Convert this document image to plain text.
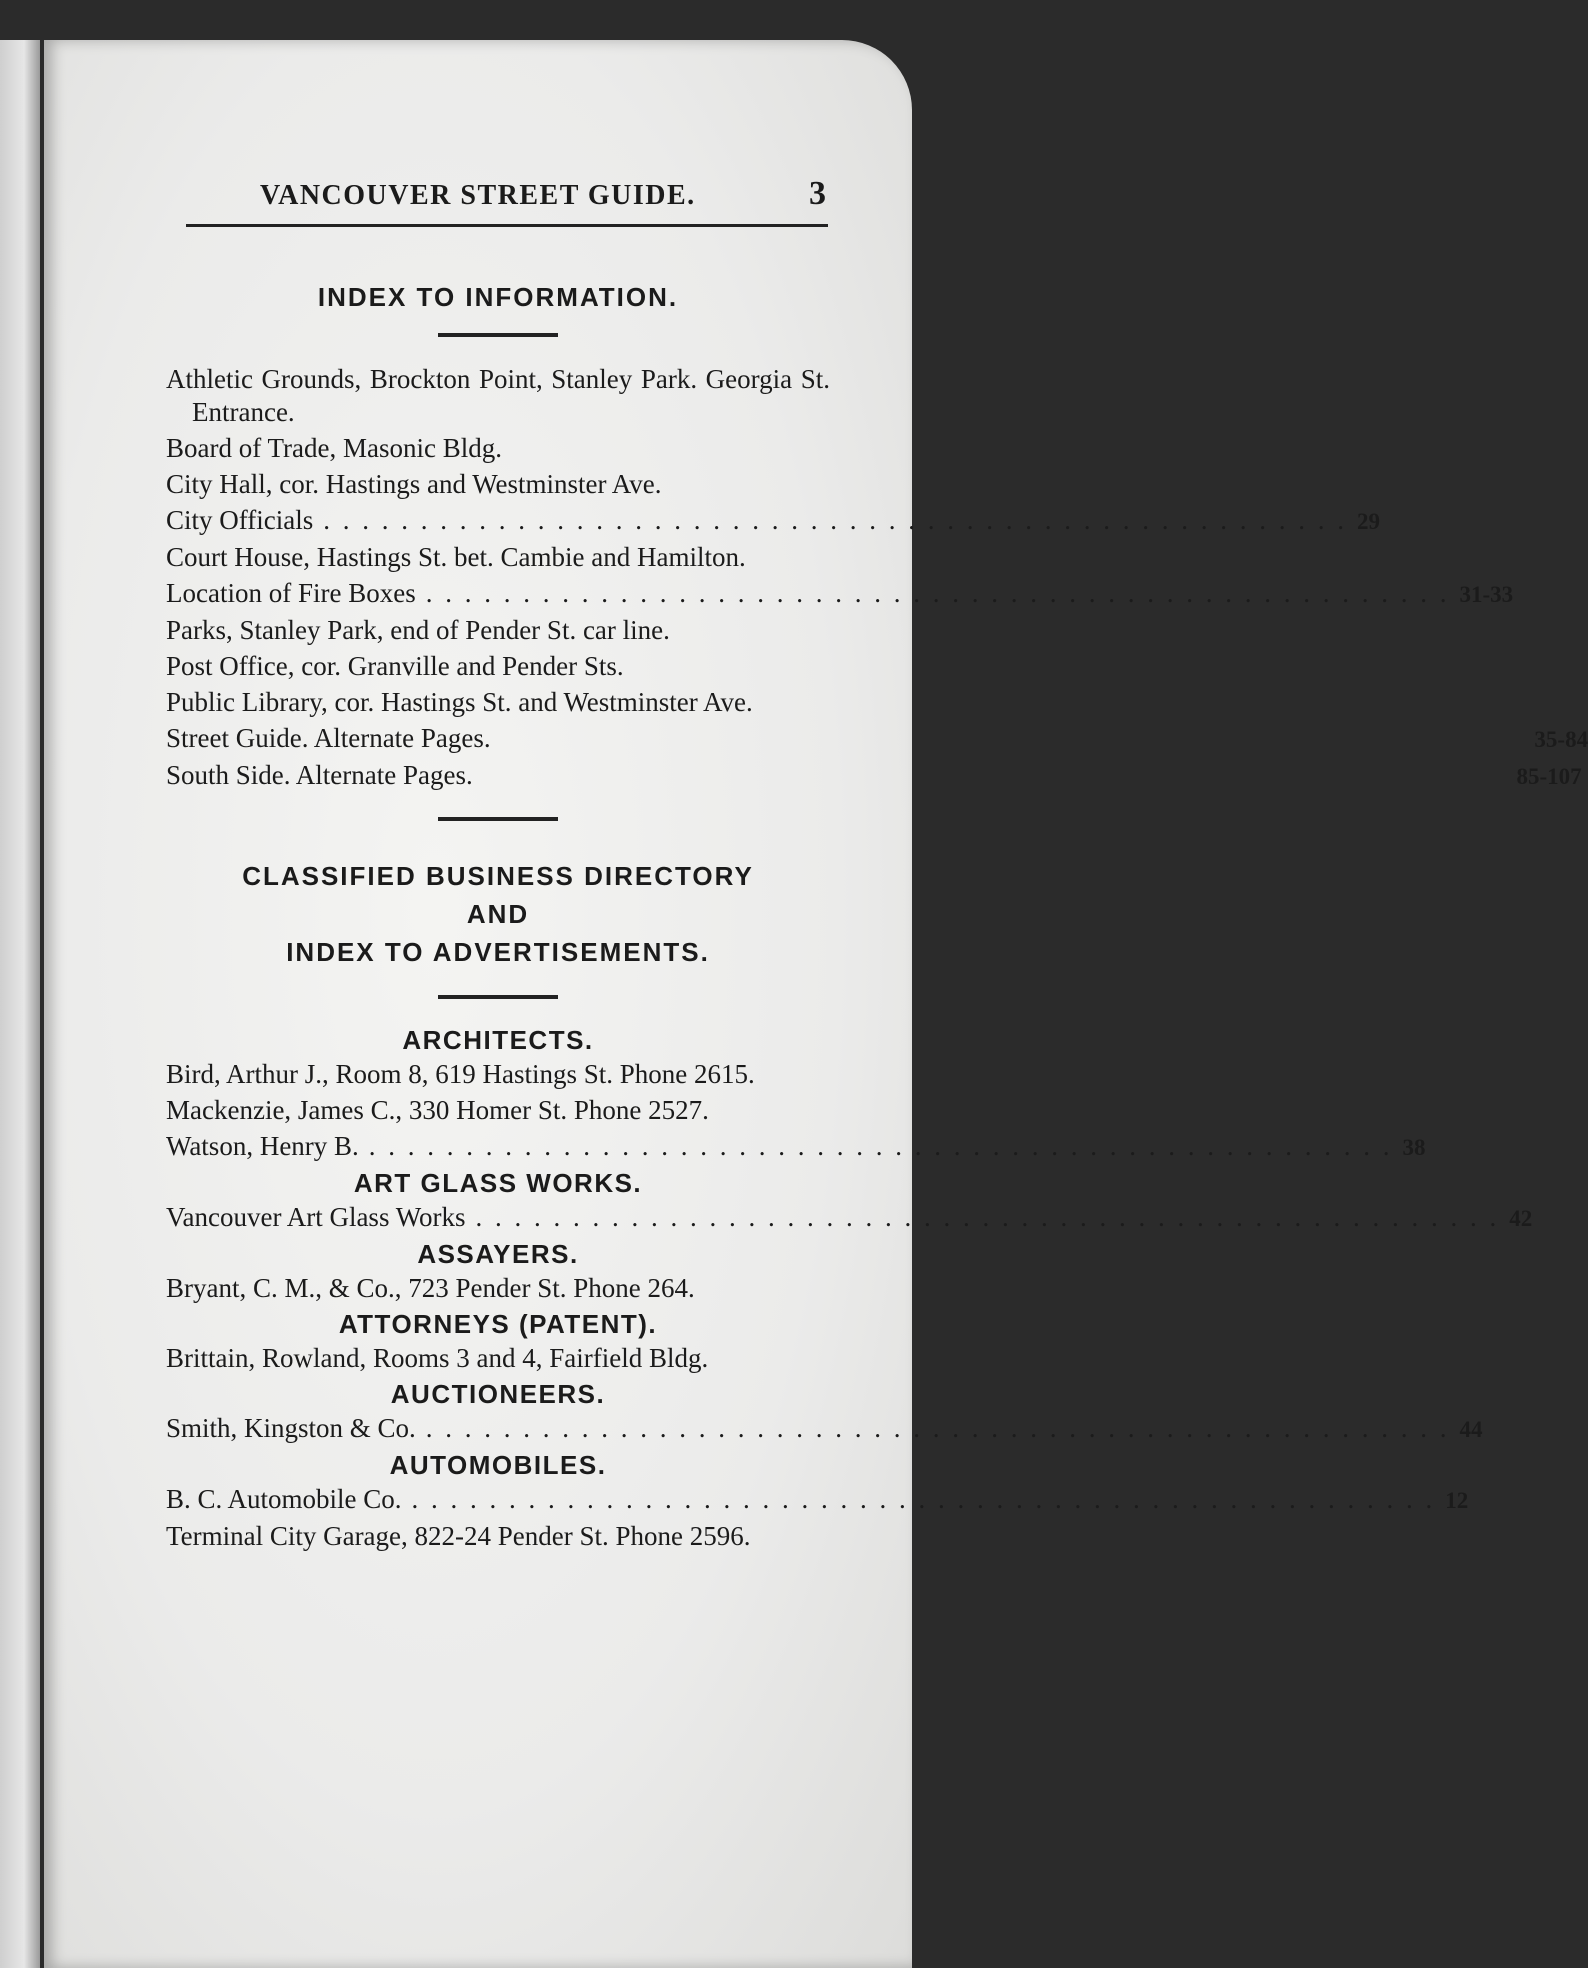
VANCOUVER STREET GUIDE.	3
INDEX TO INFORMATION.

Athletic Grounds, Brockton Point, Stanley Park. Georgia St. Entrance.

Board of Trade, Masonic Bldg.

City Hall, cor. Hastings and Westminster Ave.

City Officials . . . . . . . . . . . . . . . . . . . . . . . . . . . . . . . . . . . . . . . . . . . . . . . . . . . . . 29

Court House, Hastings St. bet. Cambie and Hamilton.

Location of Fire Boxes . . . . . . . . . . . . . . . . . . . . . . . . . . . . . . . . . . . . . . . . . . . . . . . . . . . . . 31-33

Parks, Stanley Park, end of Pender St. car line.

Post Office, cor. Granville and Pender Sts.

Public Library, cor. Hastings St. and Westminster Ave.

Street Guide. Alternate Pages.	35-84
South Side. Alternate Pages.	85-107

CLASSIFIED BUSINESS DIRECTORY

AND

INDEX TO ADVERTISEMENTS.

ARCHITECTS.

Bird, Arthur J., Room 8, 619 Hastings St. Phone 2615.

Mackenzie, James C., 330 Homer St. Phone 2527.

Watson, Henry B. . . . . . . . . . . . . . . . . . . . . . . . . . . . . . . . . . . . . . . . . . . . . . . . . . . . . . 38
ART GLASS WORKS.
Vancouver Art Glass Works . . . . . . . . . . . . . . . . . . . . . . . . . . . . . . . . . . . . . . . . . . . . . . . . . . . . . 42
ASSAYERS.

Bryant, C. M., & Co., 723 Pender St. Phone 264.

ATTORNEYS (PATENT).

Brittain, Rowland, Rooms 3 and 4, Fairfield Bldg.

AUCTIONEERS.
Smith, Kingston & Co. . . . . . . . . . . . . . . . . . . . . . . . . . . . . . . . . . . . . . . . . . . . . . . . . . . . . . 44
AUTOMOBILES.
B. C. Automobile Co. . . . . . . . . . . . . . . . . . . . . . . . . . . . . . . . . . . . . . . . . . . . . . . . . . . . . . 12

Terminal City Garage, 822-24 Pender St. Phone 2596.
